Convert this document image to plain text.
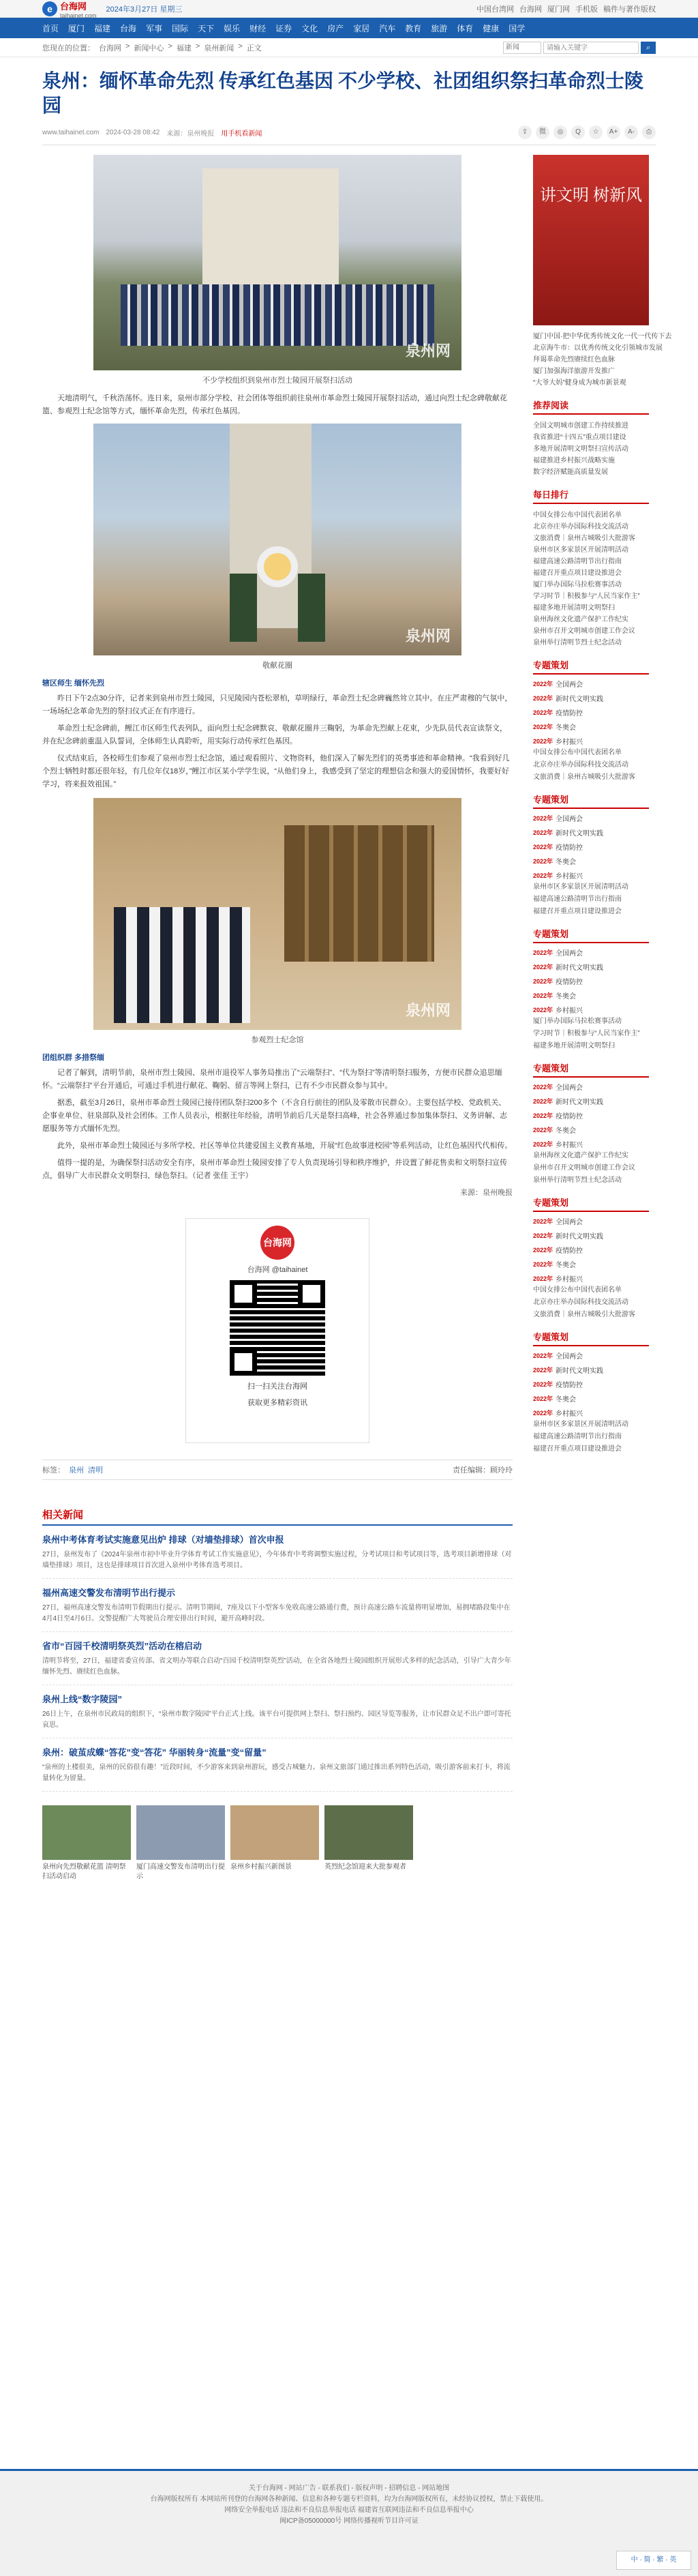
e 台海网
taihainet.com
2024年3月27日 星期三	中国台湾网 台海网 厦门网 手机版 稿件与著作版权
首页 厦门 福建 台海 军事 国际 天下 娱乐 财经 证券 文化 房产 家居 汽车 教育 旅游 体育 健康 国学
您现在的位置： 台海网 > 新闻中心 > 福建 > 泉州新闻 > 正文	新闻
请输入关键字	⌕
泉州：缅怀革命先烈 传承红色基因 不少学校、社团组织祭扫革命烈士陵园
www.taihainet.com 2024-03-28 08:42 来源：泉州晚报 用手机看新闻	⇪	微	◎	Q	☆	A+	A-	⎙
泉州网
不少学校组织到泉州市烈士陵园开展祭扫活动

天地清明气，千秋浩荡怀。连日来，泉州市部分学校、社会团体等组织前往泉州市革命烈士陵园开展祭扫活动，通过向烈士纪念碑敬献花篮、参观烈士纪念馆等方式，缅怀革命先烈，传承红色基因。

泉州网
敬献花圈
辖区师生 缅怀先烈

昨日下午2点30分许，记者来到泉州市烈士陵园，只见陵园内苍松翠柏，草明绿行，革命烈士纪念碑巍然耸立其中。在庄严肃穆的气氛中，一场场纪念革命先烈的祭扫仪式正在有序进行。

革命烈士纪念碑前，鲤江市区师生代表列队，面向烈士纪念碑默哀、敬献花圈并三鞠躬，为革命先烈献上花束，少先队员代表宣读祭文，并在纪念碑前重温入队誓词，全体师生认真聆听，用实际行动传承红色基因。

仪式结束后，各校师生们参观了泉州市烈士纪念馆，通过观看照片、文物资料，他们深入了解先烈们的英勇事迹和革命精神。“我看到好几个烈士牺牲时都还很年轻，有几位年仅18岁，”鲤江市区某小学学生说，“从他们身上，我感受到了坚定的理想信念和强大的爱国情怀，我要好好学习，将来报效祖国。”

泉州网
参观烈士纪念馆
团组织群 多措祭缅

记者了解到，清明节前，泉州市烈士陵园、泉州市退役军人事务局推出了“云端祭扫”、“代为祭扫”等清明祭扫服务，方便市民群众追思缅怀。“云端祭扫”平台开通后，可通过手机进行献花、鞠躬、留言等网上祭扫，已有不少市民群众参与其中。

据悉，截至3月26日，泉州市革命烈士陵园已接待团队祭扫200多个（不含自行前往的团队及零散市民群众）。主要包括学校、党政机关、企事业单位、驻泉部队及社会团体。工作人员表示，根据往年经验，清明节前后几天是祭扫高峰，社会各界通过参加集体祭扫、义务讲解、志愿服务等方式缅怀先烈。

此外，泉州市革命烈士陵园还与多所学校、社区等单位共建爱国主义教育基地，开展“红色故事进校园”等系列活动，让红色基因代代相传。

值得一提的是，为确保祭扫活动安全有序，泉州市革命烈士陵园安排了专人负责现场引导和秩序维护，并设置了鲜花售卖和文明祭扫宣传点，倡导广大市民群众文明祭扫、绿色祭扫。（记者 张佳 王宇）

来源：泉州晚报
台海网
台海网 @taihainet
扫一扫关注台海网
获取更多精彩资讯
标签： 泉州 清明	责任编辑：顾玲玲
相关新闻
泉州中考体育考试实施意见出炉 排球（对墙垫排球）首次申报

27日，泉州发布了《2024年泉州市初中毕业升学体育考试工作实施意见》，今年体育中考将调整实施过程，分考试项目和考试项目等，选考项目新增排球（对墙垫排球）项目，这也是排球项目首次进入泉州中考体育选考项目。

福州高速交警发布清明节出行提示

27日，福州高速交警发布清明节假期出行提示。清明节期间，7座及以下小型客车免收高速公路通行费，预计高速公路车流量将明显增加，易拥堵路段集中在4月4日至4月6日。交警提醒广大驾驶员合理安排出行时间，避开高峰时段。

省市“百园千校清明祭英烈”活动在榕启动

清明节将至，27日，福建省委宣传部、省文明办等联合启动“百园千校清明祭英烈”活动，在全省各地烈士陵园组织开展形式多样的纪念活动，引导广大青少年缅怀先烈、赓续红色血脉。

泉州上线“数字陵园”

26日上午，在泉州市民政局的组织下，“泉州市数字陵园”平台正式上线。该平台可提供网上祭扫、祭扫预约、园区导览等服务，让市民群众足不出户即可寄托哀思。

泉州：破茧成蝶“答花”变“答花” 华丽转身“流量”变“留量”

“泉州的土楼很美，泉州的民俗很有趣！”近段时间，不少游客来到泉州游玩，感受古城魅力。泉州文旅部门通过推出系列特色活动，吸引游客前来打卡，将流量转化为留量。

泉州向先烈敬献花篮 清明祭扫活动启动
厦门高速交警发布清明出行提示
泉州乡村振兴新图景	英烈纪念馆迎来大批参观者
讲文明 树新风
厦门中国·把中华优秀传统文化一代一代传下去
北京海牛市：以优秀传统文化引领城市发展
拜谒革命先烈赓续红色血脉
厦门加强海洋旅游开发推广
“大爷大妈”健身成为城市新景观
推荐阅读
全国文明城市创建工作持续推进
我省推进“十四五”重点项目建设
多地开展清明文明祭扫宣传活动
福建推进乡村振兴战略实施
数字经济赋能高质量发展
每日排行
中国女排公布中国代表团名单
北京亦庄举办国际科技交流活动
文旅消费｜泉州古城吸引大批游客
泉州市区多家景区开展清明活动
福建高速公路清明节出行指南
福建召开重点项目建设推进会
厦门举办国际马拉松赛事活动
学习时节｜积极参与“人民当家作主”
福建多地开展清明文明祭扫
泉州海丝文化遗产保护工作纪实
泉州市召开文明城市创建工作会议
泉州举行清明节烈士纪念活动
专题策划
2022年 全国两会
2022年 新时代文明实践
2022年 疫情防控
2022年 冬奥会
2022年 乡村振兴
中国女排公布中国代表团名单
北京亦庄举办国际科技交流活动
文旅消费｜泉州古城吸引大批游客
专题策划
2022年 全国两会
2022年 新时代文明实践
2022年 疫情防控
2022年 冬奥会
2022年 乡村振兴
泉州市区多家景区开展清明活动
福建高速公路清明节出行指南
福建召开重点项目建设推进会
专题策划
2022年 全国两会
2022年 新时代文明实践
2022年 疫情防控
2022年 冬奥会
2022年 乡村振兴
厦门举办国际马拉松赛事活动
学习时节｜积极参与“人民当家作主”
福建多地开展清明文明祭扫
专题策划
2022年 全国两会
2022年 新时代文明实践
2022年 疫情防控
2022年 冬奥会
2022年 乡村振兴
泉州海丝文化遗产保护工作纪实
泉州市召开文明城市创建工作会议
泉州举行清明节烈士纪念活动
专题策划
2022年 全国两会
2022年 新时代文明实践
2022年 疫情防控
2022年 冬奥会
2022年 乡村振兴
中国女排公布中国代表团名单
北京亦庄举办国际科技交流活动
文旅消费｜泉州古城吸引大批游客
专题策划
2022年 全国两会
2022年 新时代文明实践
2022年 疫情防控
2022年 冬奥会
2022年 乡村振兴
泉州市区多家景区开展清明活动
福建高速公路清明节出行指南
福建召开重点项目建设推进会
关于台海网 - 网站广告 - 联系我们 - 版权声明 - 招聘信息 - 网站地图
台海网版权所有 本网站所刊登的台海网各种新闻、信息和各种专题专栏资料，均为台海网版权所有，未经协议授权，禁止下载使用。
网络安全举报电话 违法和不良信息举报电话 福建省互联网违法和不良信息举报中心
闽ICP备05000000号 网络传播视听节目许可证
中 · 简 · 繁 · 英
